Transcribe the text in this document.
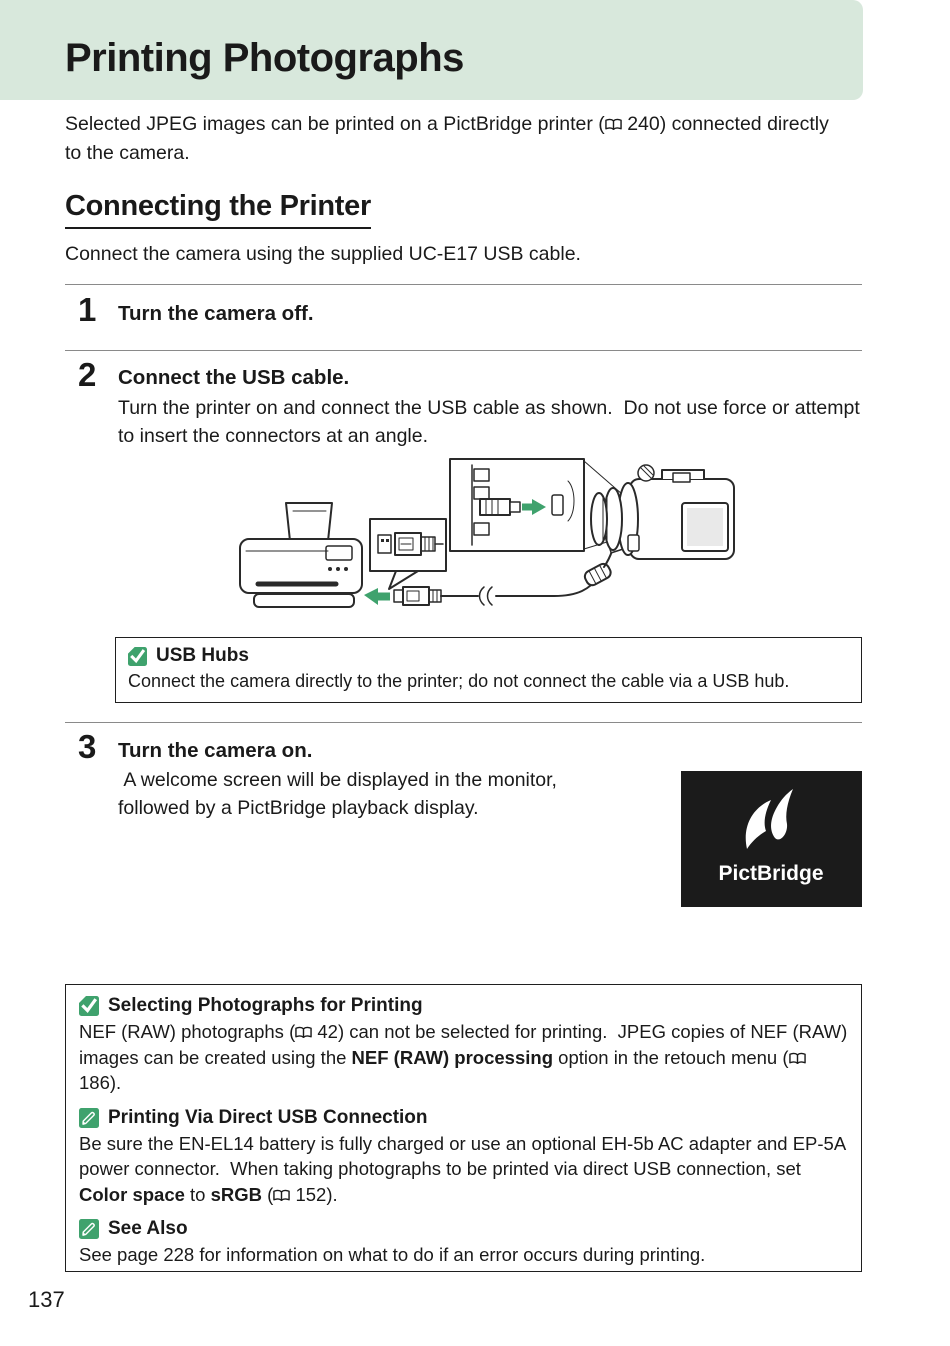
Printing Photographs

Selected JPEG images can be printed on a PictBridge printer ( 240) connected directly to the camera.

Connecting the Printer

Connect the camera using the supplied UC-E17 USB cable.

1 Turn the camera off.

2 Connect the USB cable.

Turn the printer on and connect the USB cable as shown.  Do not use force or attempt to insert the connectors at an angle.

USB Hubs

Connect the camera directly to the printer; do not connect the cable via a USB hub.

3 Turn the camera on.

A welcome screen will be displayed in the monitor, followed by a PictBridge playback display.

PictBridge
Selecting Photographs for Printing

NEF (RAW) photographs ( 42) can not be selected for printing.  JPEG copies of NEF (RAW) images can be created using the NEF (RAW) processing option in the retouch menu ( 186).

Printing Via Direct USB Connection

Be sure the EN-EL14 battery is fully charged or use an optional EH-5b AC adapter and EP-5A power connector.  When taking photographs to be printed via direct USB connection, set Color space to sRGB ( 152).

See Also

See page 228 for information on what to do if an error occurs during printing.

137
